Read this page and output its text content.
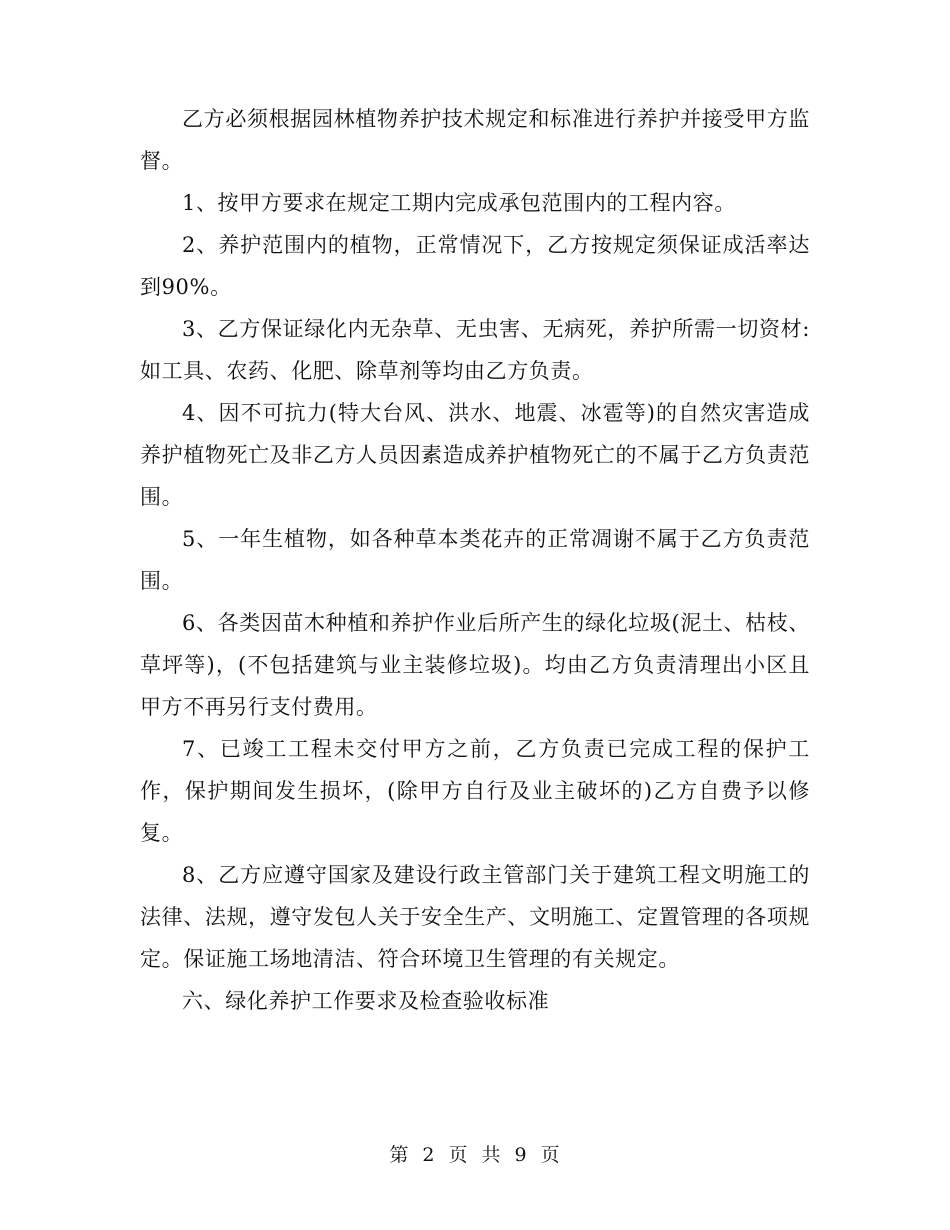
乙方必须根据园林植物养护技术规定和标准进行养护并接受甲方监督。

1、按甲方要求在规定工期内完成承包范围内的工程内容。

2、养护范围内的植物，正常情况下，乙方按规定须保证成活率达到90%。

3、乙方保证绿化内无杂草、无虫害、无病死，养护所需一切资材:如工具、农药、化肥、除草剂等均由乙方负责。

4、因不可抗力(特大台风、洪水、地震、冰雹等)的自然灾害造成养护植物死亡及非乙方人员因素造成养护植物死亡的不属于乙方负责范围。

5、一年生植物，如各种草本类花卉的正常凋谢不属于乙方负责范围。

6、各类因苗木种植和养护作业后所产生的绿化垃圾(泥土、枯枝、草坪等)，(不包括建筑与业主装修垃圾)。均由乙方负责清理出小区且甲方不再另行支付费用。

7、已竣工工程未交付甲方之前，乙方负责已完成工程的保护工作，保护期间发生损坏，(除甲方自行及业主破坏的)乙方自费予以修复。

8、乙方应遵守国家及建设行政主管部门关于建筑工程文明施工的法律、法规，遵守发包人关于安全生产、文明施工、定置管理的各项规定。保证施工场地清洁、符合环境卫生管理的有关规定。

六、绿化养护工作要求及检查验收标准

第 2 页 共 9 页
